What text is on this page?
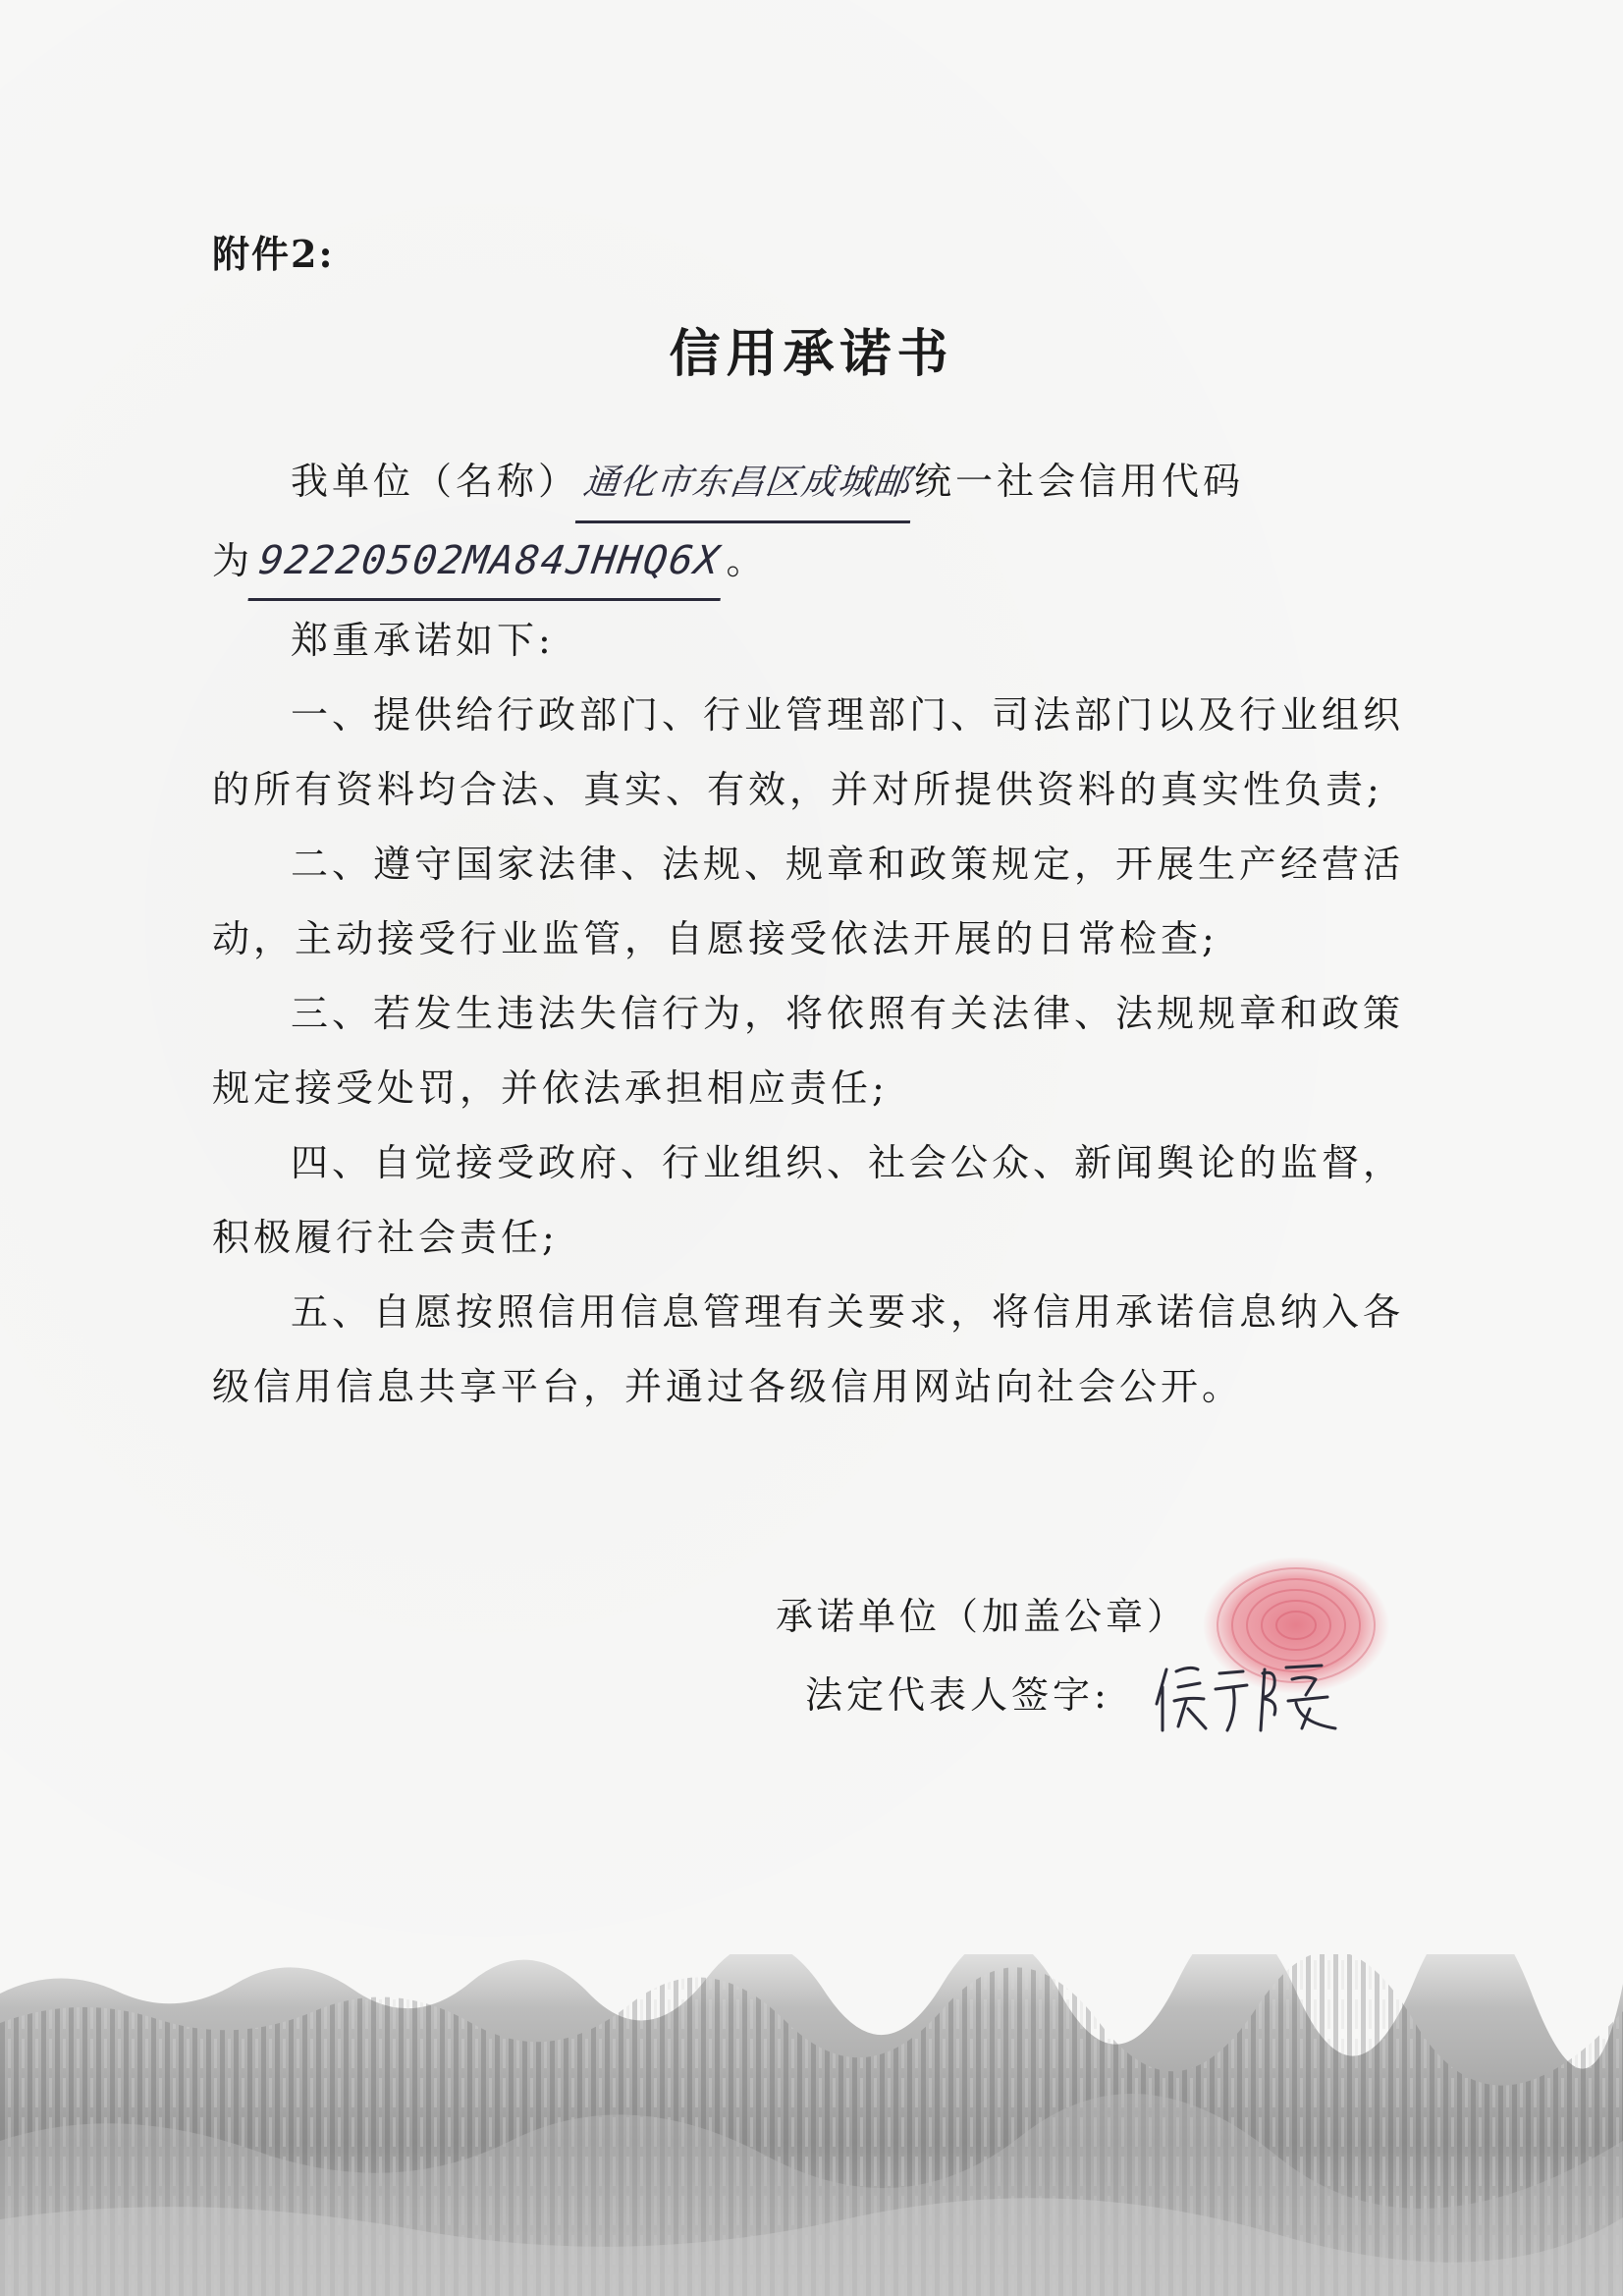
附件2:
信用承诺书
我单位（名称）通化市东昌区成城邮统一社会信用代码
为92220502MA84JHHQ6X。
郑重承诺如下:
一、提供给行政部门、行业管理部门、司法部门以及行业组织
的所有资料均合法、真实、有效，并对所提供资料的真实性负责;
二、遵守国家法律、法规、规章和政策规定，开展生产经营活
动，主动接受行业监管，自愿接受依法开展的日常检查;
三、若发生违法失信行为，将依照有关法律、法规规章和政策
规定接受处罚，并依法承担相应责任;
四、自觉接受政府、行业组织、社会公众、新闻舆论的监督，
积极履行社会责任;
五、自愿按照信用信息管理有关要求，将信用承诺信息纳入各
级信用信息共享平台，并通过各级信用网站向社会公开。
承诺单位（加盖公章）
法定代表人签字:
